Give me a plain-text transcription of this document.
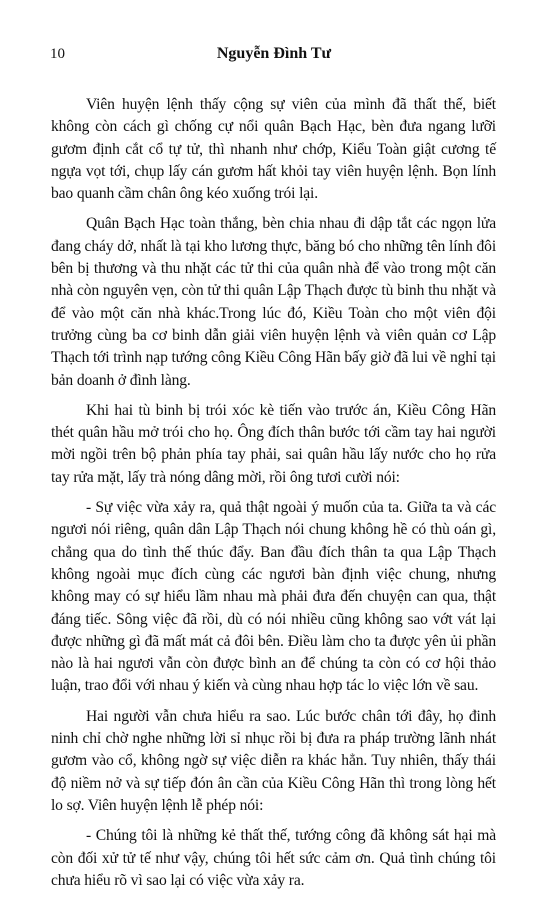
10	Nguyễn Đình Tư

Viên huyện lệnh thấy cộng sự viên của mình đã thất thế, biết không còn cách gì chống cự nổi quân Bạch Hạc, bèn đưa ngang lưỡi gươm định cắt cổ tự tử, thì nhanh như chớp, Kiểu Toàn giật cương tế ngựa vọt tới, chụp lấy cán gươm hất khỏi tay viên huyện lệnh. Bọn lính bao quanh cầm chân ông kéo xuống trói lại.

Quân Bạch Hạc toàn thắng, bèn chia nhau đi dập tắt các ngọn lửa đang cháy dở, nhất là tại kho lương thực, băng bó cho những tên lính đôi bên bị thương và thu nhặt các tử thi của quân nhà để vào trong một căn nhà còn nguyên vẹn, còn tử thi quân Lập Thạch được tù binh thu nhặt và để vào một căn nhà khác.Trong lúc đó, Kiều Toàn cho một viên đội trưởng cùng ba cơ binh dẫn giải viên huyện lệnh và viên quản cơ Lập Thạch tới trình nạp tướng công Kiều Công Hãn bấy giờ đã lui về nghỉ tại bản doanh ở đình làng.

Khi hai tù binh bị trói xóc kè tiến vào trước án, Kiều Công Hãn thét quân hầu mở trói cho họ. Ông đích thân bước tới cầm tay hai người mời ngồi trên bộ phản phía tay phải, sai quân hầu lấy nước cho họ rửa tay rửa mặt, lấy trà nóng dâng mời, rồi ông tươi cười nói:

- Sự việc vừa xảy ra, quả thật ngoài ý muốn của ta. Giữa ta và các ngươi nói riêng, quân dân Lập Thạch nói chung không hề có thù oán gì, chẳng qua do tình thế thúc đẩy. Ban đầu đích thân ta qua Lập Thạch không ngoài mục đích cùng các ngươi bàn định việc chung, nhưng không may có sự hiểu lầm nhau mà phải đưa đến chuyện can qua, thật đáng tiếc. Sông việc đã rồi, dù có nói nhiều cũng không sao vớt vát lại được những gì đã mất mát cả đôi bên. Điều làm cho ta được yên ủi phần nào là hai ngươi vẫn còn được bình an để chúng ta còn có cơ hội thảo luận, trao đổi với nhau ý kiến và cùng nhau hợp tác lo việc lớn về sau.

Hai người vẫn chưa hiểu ra sao. Lúc bước chân tới đây, họ đinh ninh chỉ chờ nghe những lời sỉ nhục rồi bị đưa ra pháp trường lãnh nhát gươm vào cổ, không ngờ sự việc diễn ra khác hẳn. Tuy nhiên, thấy thái độ niềm nở và sự tiếp đón ân cần của Kiều Công Hãn thì trong lòng hết lo sợ. Viên huyện lệnh lễ phép nói:

- Chúng tôi là những kẻ thất thế, tướng công đã không sát hại mà còn đối xử tử tế như vậy, chúng tôi hết sức cảm ơn. Quả tình chúng tôi chưa hiểu rõ vì sao lại có việc vừa xảy ra.
